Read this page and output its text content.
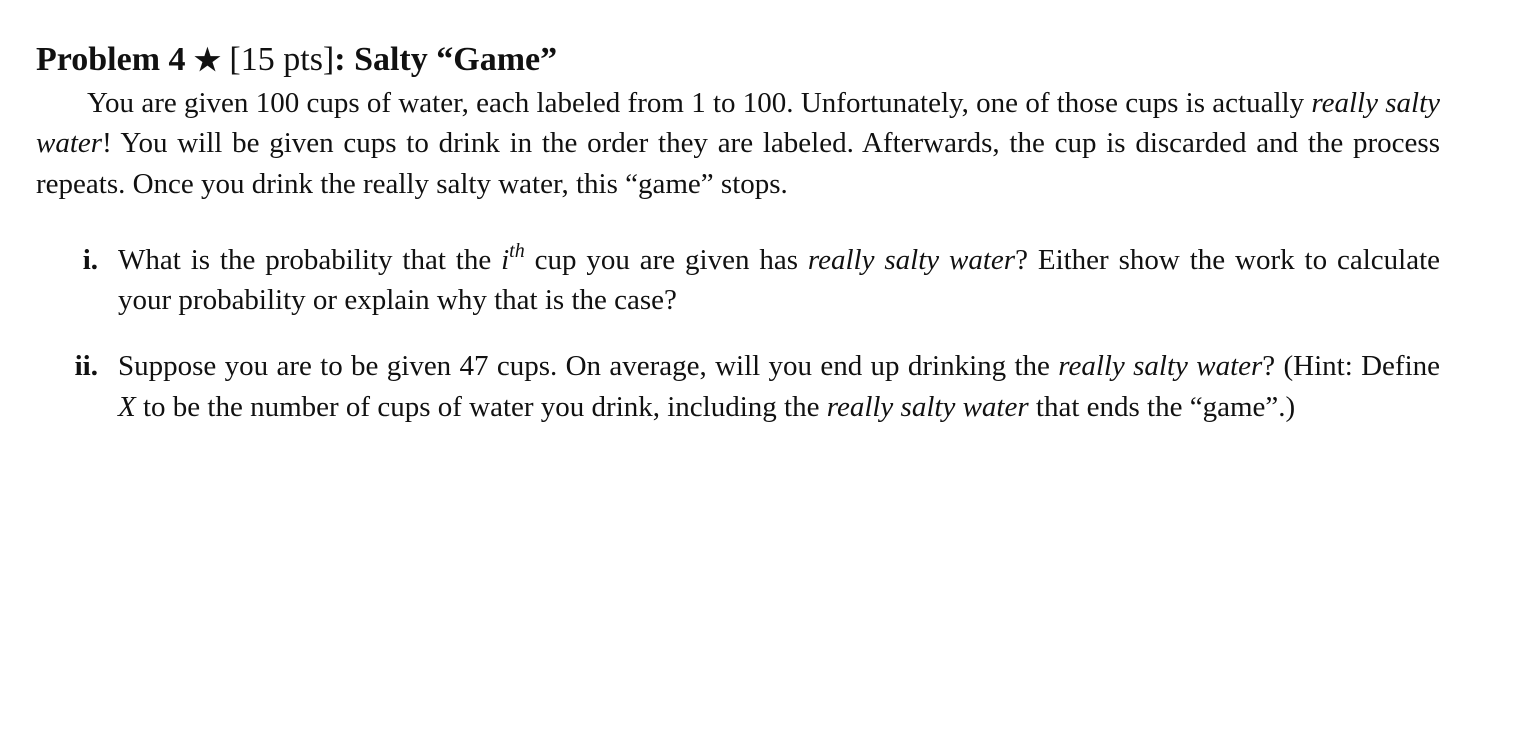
Problem 4 ★ [15 pts]: Salty “Game”

You are given 100 cups of water, each labeled from 1 to 100. Unfortunately, one of those cups is actually really salty water! You will be given cups to drink in the order they are labeled. Afterwards, the cup is discarded and the process repeats. Once you drink the really salty water, this “game” stops.

i. What is the probability that the $i^{th}$ cup you are given has really salty water? Either show the work to calculate your probability or explain why that is the case?

ii. Suppose you are to be given 47 cups. On average, will you end up drinking the really salty water? (Hint: Define X to be the number of cups of water you drink, including the really salty water that ends the “game”.)
